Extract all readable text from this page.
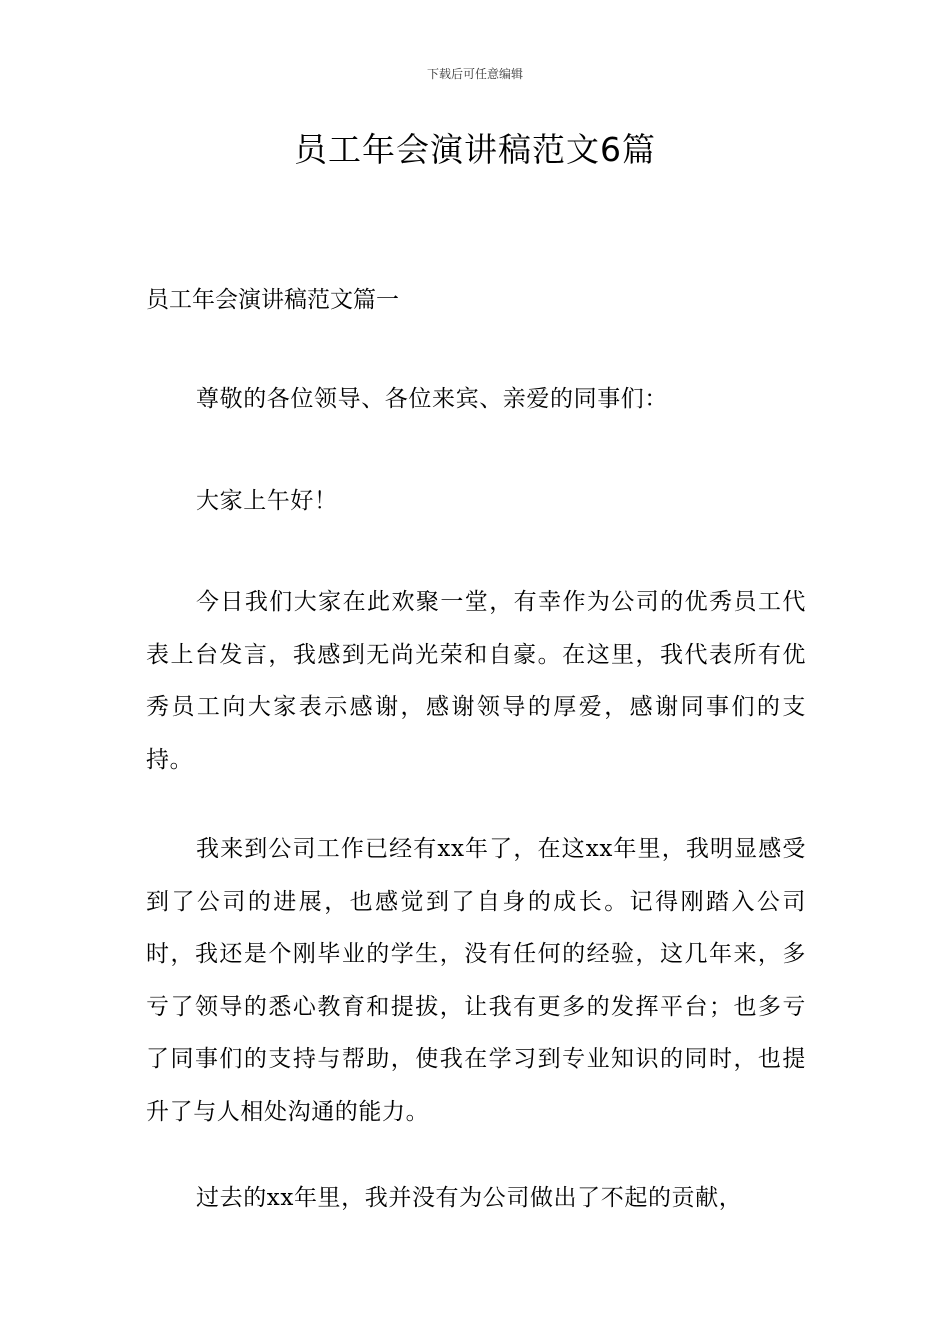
下载后可任意编辑
员工年会演讲稿范文6篇
员工年会演讲稿范文篇一

尊敬的各位领导、各位来宾、亲爱的同事们：

大家上午好！

今日我们大家在此欢聚一堂，有幸作为公司的优秀员工代表上台发言，我感到无尚光荣和自豪。在这里，我代表所有优秀员工向大家表示感谢，感谢领导的厚爱，感谢同事们的支持。

我来到公司工作已经有xx年了，在这xx年里，我明显感受到了公司的进展，也感觉到了自身的成长。记得刚踏入公司时，我还是个刚毕业的学生，没有任何的经验，这几年来，多亏了领导的悉心教育和提拔，让我有更多的发挥平台；也多亏了同事们的支持与帮助，使我在学习到专业知识的同时，也提升了与人相处沟通的能力。

过去的xx年里，我并没有为公司做出了不起的贡献，
